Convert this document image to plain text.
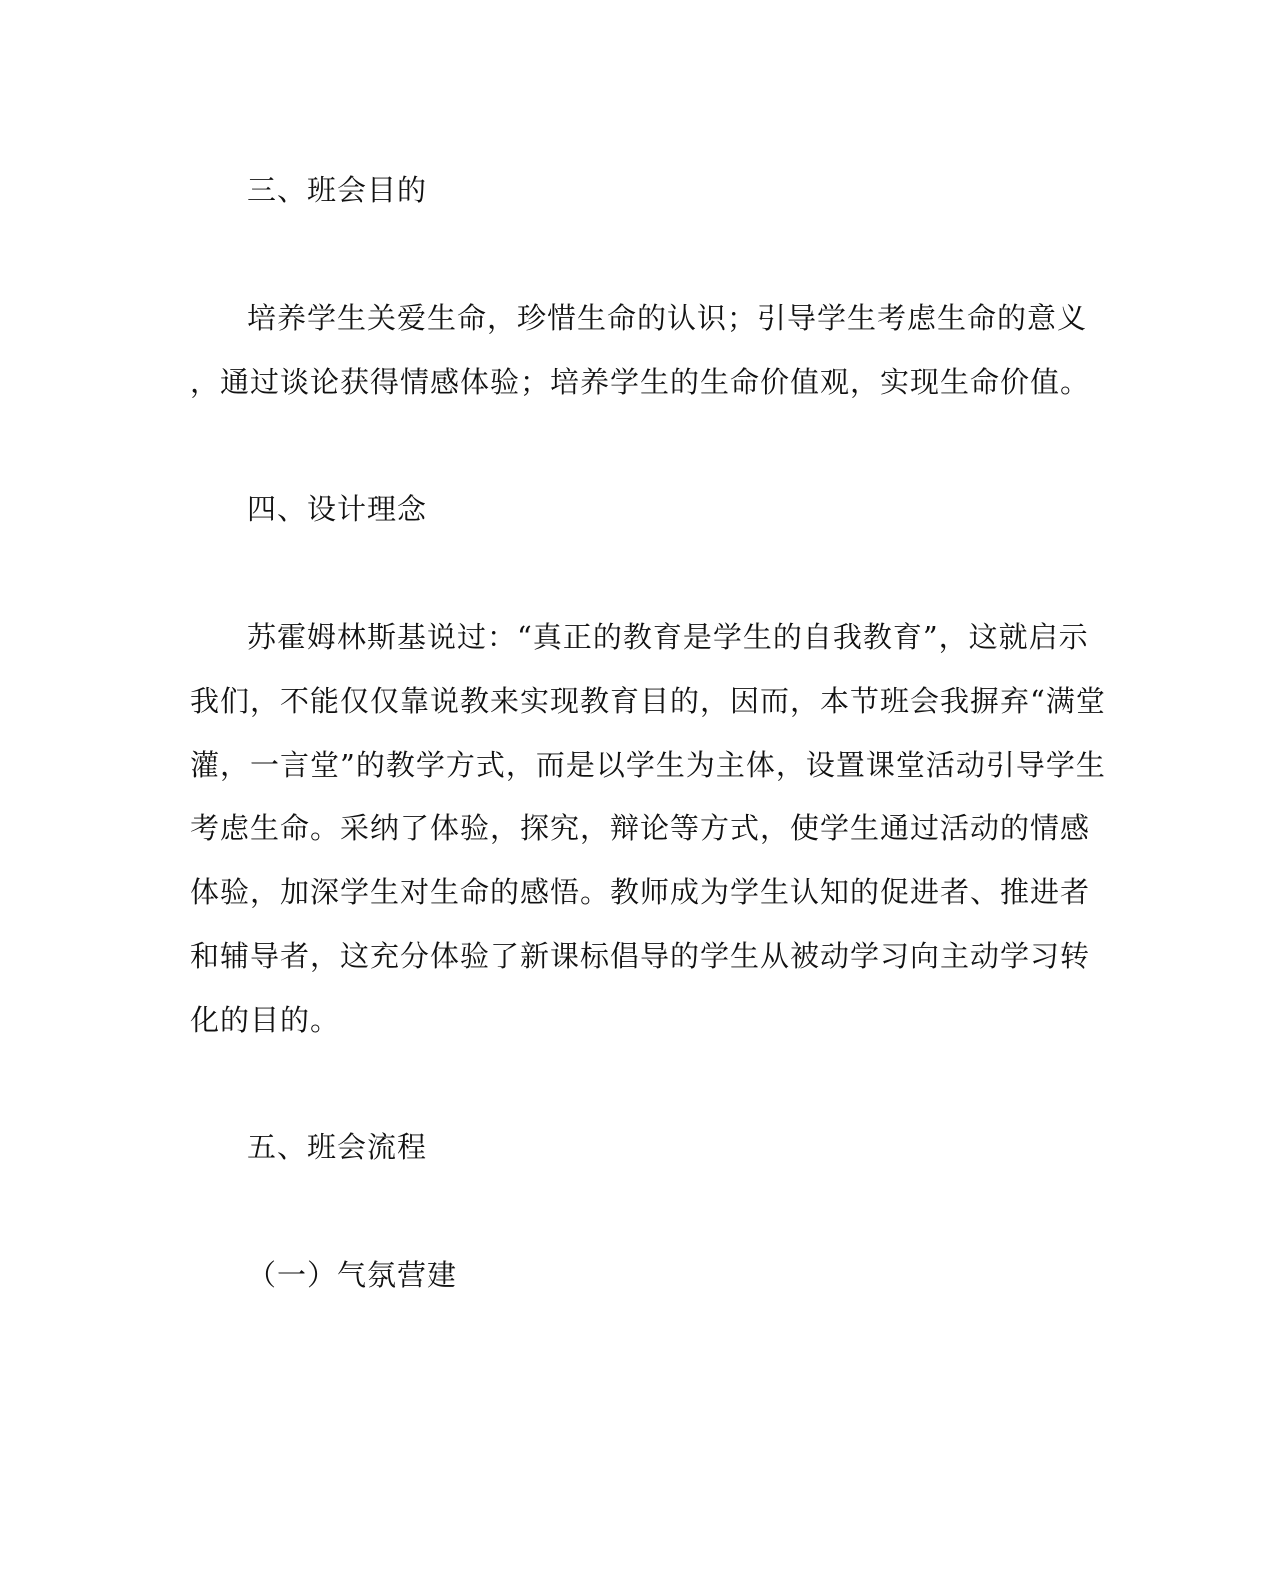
三、班会目的
培养学生关爱生命，珍惜生命的认识；引导学生考虑生命的意义
，通过谈论获得情感体验；培养学生的生命价值观，实现生命价值。
四、设计理念
苏霍姆林斯基说过：“真正的教育是学生的自我教育”，这就启示
我们，不能仅仅靠说教来实现教育目的，因而，本节班会我摒弃“满堂
灌，一言堂”的教学方式，而是以学生为主体，设置课堂活动引导学生
考虑生命。采纳了体验，探究，辩论等方式，使学生通过活动的情感
体验，加深学生对生命的感悟。教师成为学生认知的促进者、推进者
和辅导者，这充分体验了新课标倡导的学生从被动学习向主动学习转
化的目的。
五、班会流程
（一）气氛营建
